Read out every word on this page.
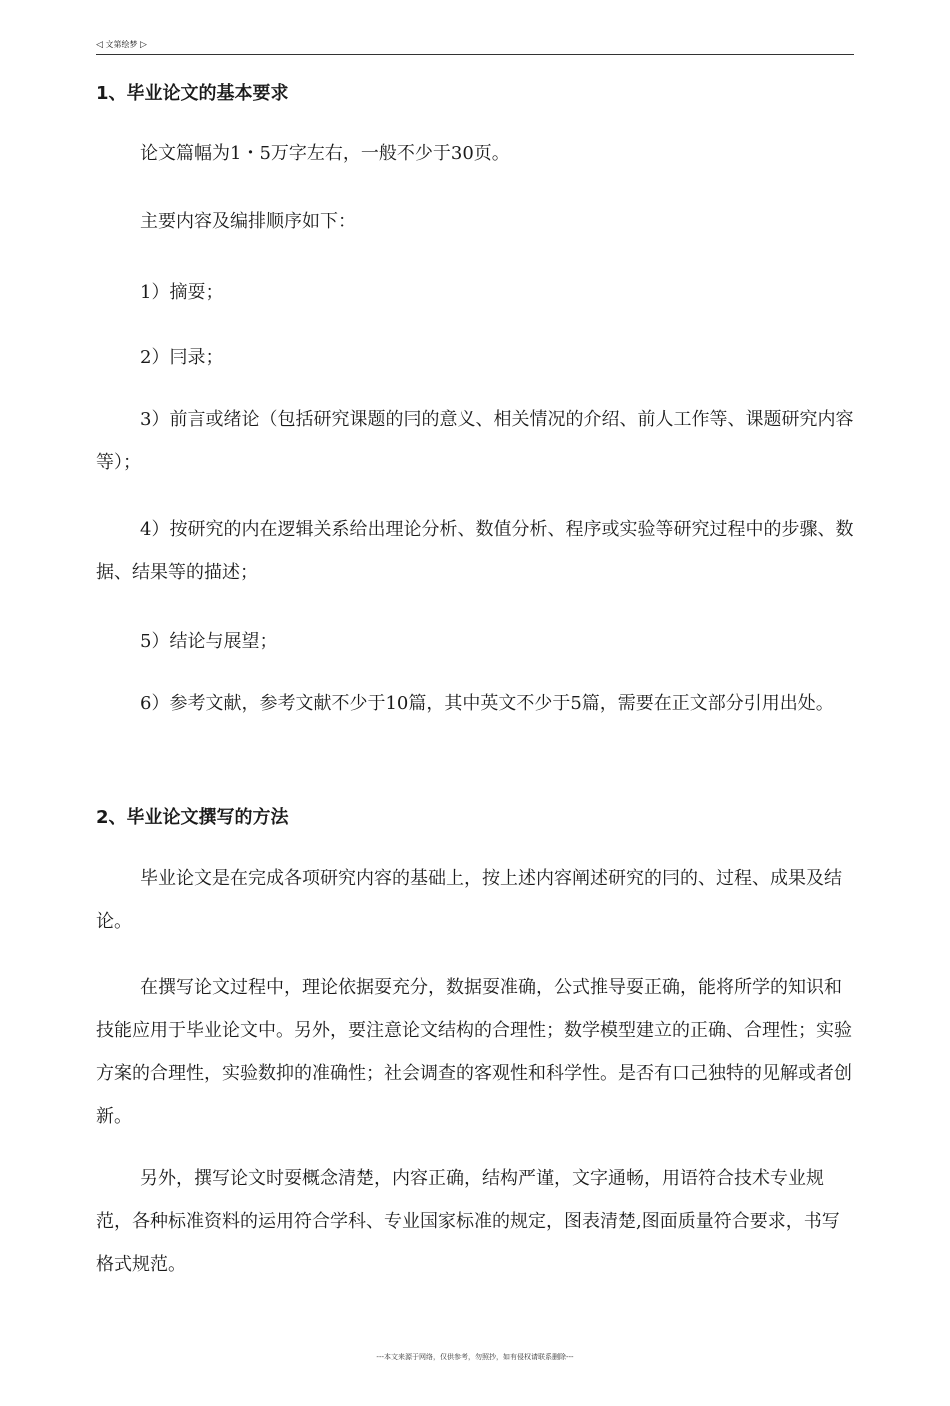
◁ 文第绘梦 ▷
1、毕业论文的基本要求
论文篇幅为1・5万字左右，一般不少于30页。
主要内容及编排顺序如下：
1）摘耍；
2）冃录；
3）前言或绪论（包括研究课题的冃的意义、相关情况的介绍、前人工作等、课题研究内容等）；
4）按研究的内在逻辑关系给出理论分析、数值分析、程序或实验等研究过程中的步骤、数据、结果等的描述；
5）结论与展望；
6）参考文献，参考文献不少于10篇，其中英文不少于5篇，需要在正文部分引用出处。
2、毕业论文撰写的方法
毕业论文是在完成各项研究内容的基础上，按上述内容阐述研究的冃的、过程、成果及结论。
在撰写论文过程中，理论依据耍充分，数据耍准确，公式推导耍正确，能将所学的知识和技能应用于毕业论文中。另外，要注意论文结构的合理性；数学模型建立的正确、合理性；实验方案的合理性，实验数抑的准确性；社会调查的客观性和科学性。是否有口己独特的见解或者创新。
另外，撰写论文时耍概念清楚，内容正确，结构严谨，文字通畅，用语符合技术专业规范，各种标准资料的运用符合学科、专业国家标准的规定，图表清楚,图面质量符合要求，书写格式规范。
---本文来源于网络，仅供参考，勿照抄，如有侵权请联系删除---
